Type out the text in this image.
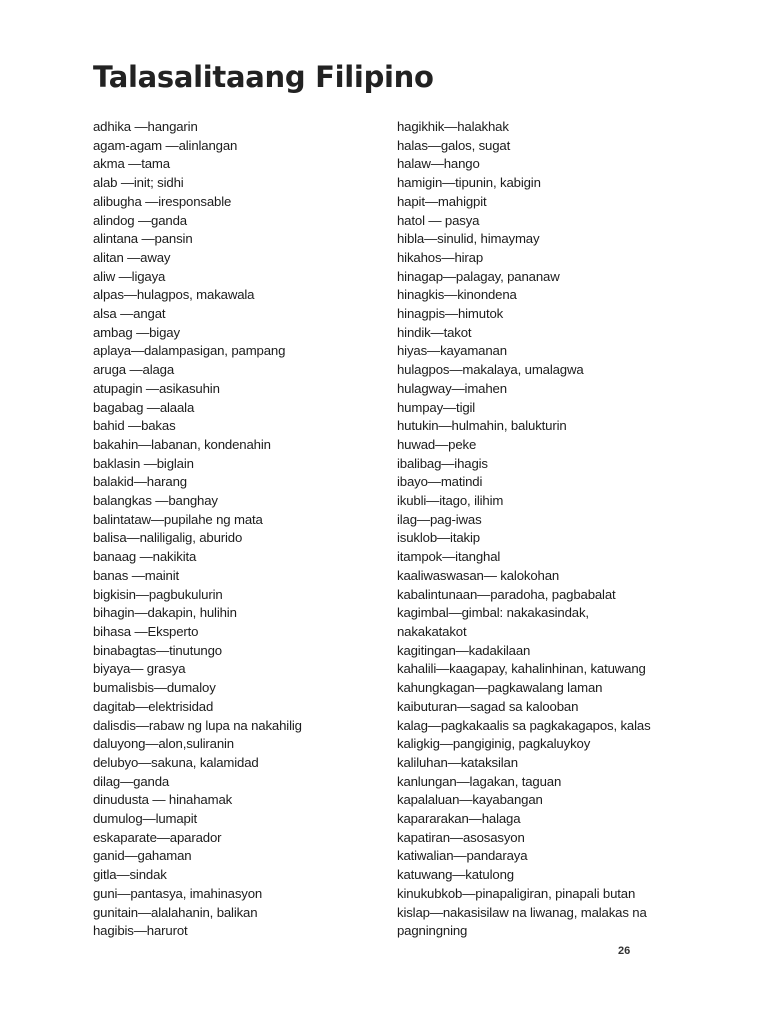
Talasalitaang Filipino
adhika —hangarin
agam-agam —alinlangan
akma —tama
alab —init; sidhi
alibugha —iresponsable
alindog —ganda
alintana —pansin
alitan —away
aliw —ligaya
alpas—hulagpos, makawala
alsa —angat
ambag —bigay
aplaya—dalampasigan, pampang
aruga —alaga
atupagin —asikasuhin
bagabag —alaala
bahid —bakas
bakahin—labanan, kondenahin
baklasin —biglain
balakid—harang
balangkas —banghay
balintataw—pupilahe ng mata
balisa—naliligalig, aburido
banaag —nakikita
banas —mainit
bigkisin—pagbukulurin
bihagin—dakapin, hulihin
bihasa —Eksperto
binabagtas—tinutungo
biyaya— grasya
bumalisbis—dumaloy
dagitab—elektrisidad
dalisdis—rabaw ng lupa na nakahilig
daluyong—alon,suliranin
delubyo—sakuna, kalamidad
dilag—ganda
dinudusta — hinahamak
dumulog—lumapit
eskaparate—aparador
ganid—gahaman
gitla—sindak
guni—pantasya, imahinasyon
gunitain—alalahanin, balikan
hagibis—harurot
hagikhik—halakhak
halas—galos, sugat
halaw—hango
hamigin—tipunin, kabigin
hapit—mahigpit
hatol — pasya
hibla—sinulid, himaymay
hikahos—hirap
hinagap—palagay, pananaw
hinagkis—kinondena
hinagpis—himutok
hindik—takot
hiyas—kayamanan
hulagpos—makalaya, umalagwa
hulagway—imahen
humpay—tigil
hutukin—hulmahin, balukturin
huwad—peke
ibalibag—ihagis
ibayo—matindi
ikubli—itago, ilihim
ilag—pag-iwas
isuklob—itakip
itampok—itanghal
kaaliwaswasan— kalokohan
kabalintunaan—paradoha, pagbabalat
kagimbal—gimbal: nakakasindak,
nakakatakot
kagitingan—kadakilaan
kahalili—kaagapay, kahalinhinan, katuwang
kahungkagan—pagkawalang laman
kaibuturan—sagad sa kalooban
kalag—pagkakaalis sa pagkakagapos, kalas
kaligkig—pangiginig, pagkaluykoy
kaliluhan—kataksilan
kanlungan—lagakan, taguan
kapalaluan—kayabangan
kapararakan—halaga
kapatiran—asosasyon
katiwalian—pandaraya
katuwang—katulong
kinukubkob—pinapaligiran, pinapali butan
kislap—nakasisilaw na liwanag, malakas na
pagningning
26
